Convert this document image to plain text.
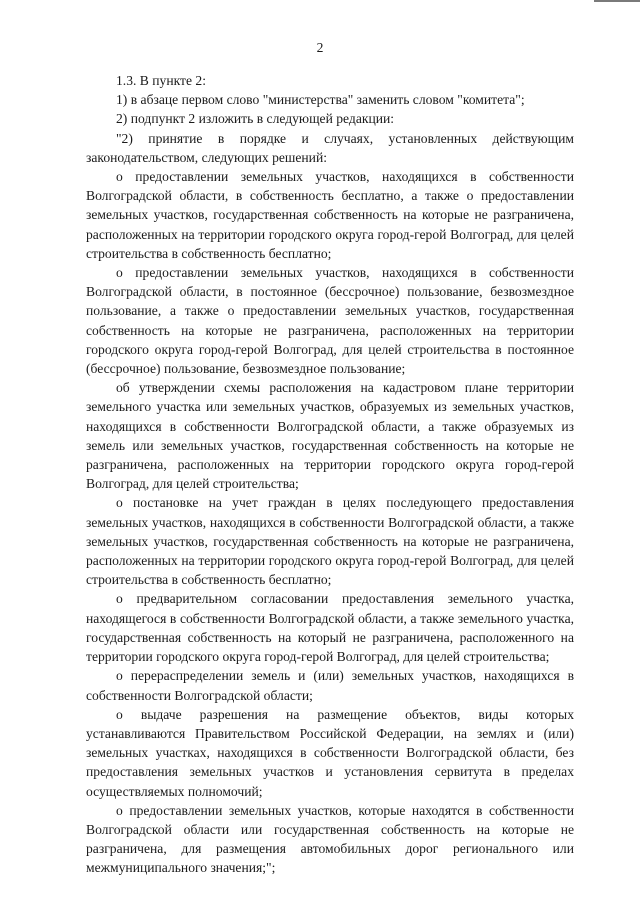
2

1.3. В пункте 2:

1) в абзаце первом слово "министерства" заменить словом "комитета";

2) подпункт 2 изложить в следующей редакции:

"2) принятие в порядке и случаях, установленных действующим законодательством, следующих решений:

о предоставлении земельных участков, находящихся в собственности Волгоградской области, в собственность бесплатно, а также о предоставлении земельных участков, государственная собственность на которые не разграничена, расположенных на территории городского округа город-герой Волгоград, для целей строительства в собственность бесплатно;

о предоставлении земельных участков, находящихся в собственности Волгоградской области, в постоянное (бессрочное) пользование, безвозмездное пользование, а также о предоставлении земельных участков, государственная собственность на которые не разграничена, расположенных на территории городского округа город-герой Волгоград, для целей строительства в постоянное (бессрочное) пользование, безвозмездное пользование;

об утверждении схемы расположения на кадастровом плане территории земельного участка или земельных участков, образуемых из земельных участков, находящихся в собственности Волгоградской области, а также образуемых из земель или земельных участков, государственная собственность на которые не разграничена, расположенных на территории городского округа город-герой Волгоград, для целей строительства;

о постановке на учет граждан в целях последующего предоставления земельных участков, находящихся в собственности Волгоградской области, а также земельных участков, государственная собственность на которые не разграничена, расположенных на территории городского округа город-герой Волгоград, для целей строительства в собственность бесплатно;

о предварительном согласовании предоставления земельного участка, находящегося в собственности Волгоградской области, а также земельного участка, государственная собственность на который не разграничена, расположенного на территории городского округа город-герой Волгоград, для целей строительства;

о перераспределении земель и (или) земельных участков, находящихся в собственности Волгоградской области;

о выдаче разрешения на размещение объектов, виды которых устанавливаются Правительством Российской Федерации, на землях и (или) земельных участках, находящихся в собственности Волгоградской области, без предоставления земельных участков и установления сервитута в пределах осуществляемых полномочий;

о предоставлении земельных участков, которые находятся в собственности Волгоградской области или государственная собственность на которые не разграничена, для размещения автомобильных дорог регионального или межмуниципального значения;";
